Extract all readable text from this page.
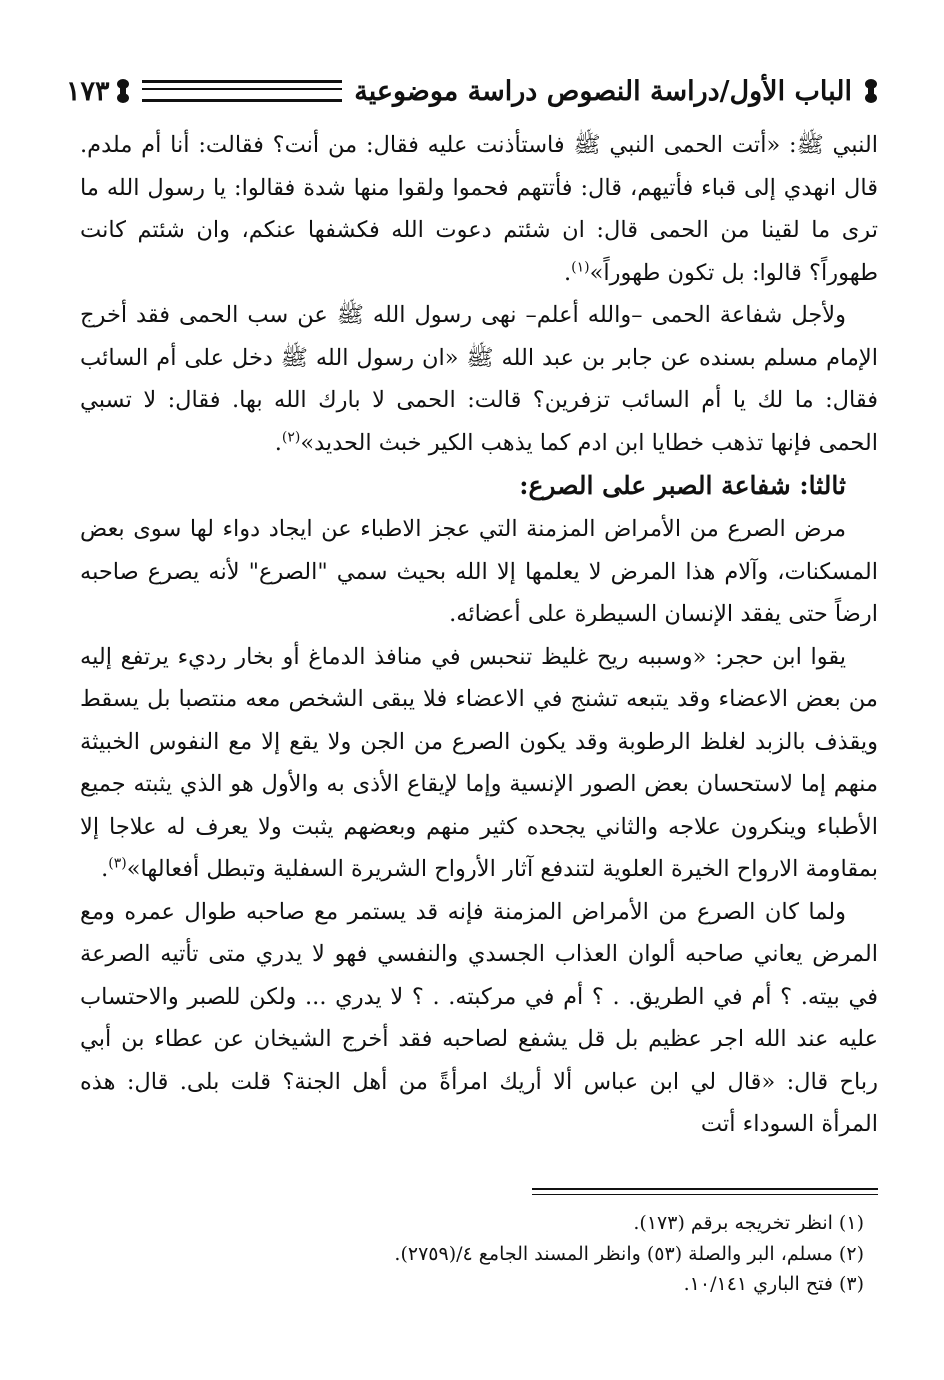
الباب الأول/دراسة النصوص دراسة موضوعية
١٧٣

النبي ﷺ: «أتت الحمى النبي ﷺ فاستأذنت عليه فقال: من أنت؟ فقالت: أنا أم ملدم. قال انهدي إلى قباء فأتيهم، قال: فأتتهم فحموا ولقوا منها شدة فقالوا: يا رسول الله ما ترى ما لقينا من الحمى قال: ان شئتم دعوت الله فكشفها عنكم، وان شئتم كانت طهوراً؟ قالوا: بل تكون طهوراً»$^{(١)}$.

ولأجل شفاعة الحمى –والله أعلم– نهى رسول الله ﷺ عن سب الحمى فقد أخرج الإمام مسلم بسنده عن جابر بن عبد الله ﷺ «ان رسول الله ﷺ دخل على أم السائب فقال: ما لك يا أم السائب تزفرين؟ قالت: الحمى لا بارك الله بها. فقال: لا تسبي الحمى فإنها تذهب خطايا ابن ادم كما يذهب الكير خبث الحديد»$^{(٢)}$.

ثالثا: شفاعة الصبر على الصرع:

مرض الصرع من الأمراض المزمنة التي عجز الاطباء عن ايجاد دواء لها سوى بعض المسكنات، وآلام هذا المرض لا يعلمها إلا الله بحيث سمي "الصرع" لأنه يصرع صاحبه ارضاً حتى يفقد الإنسان السيطرة على أعضائه.

يقوا ابن حجر: «وسببه ريح غليظ تنحبس في منافذ الدماغ أو بخار رديء يرتفع إليه من بعض الاعضاء وقد يتبعه تشنج في الاعضاء فلا يبقى الشخص معه منتصبا بل يسقط ويقذف بالزبد لغلظ الرطوبة وقد يكون الصرع من الجن ولا يقع إلا مع النفوس الخبيثة منهم إما لاستحسان بعض الصور الإنسية وإما لإيقاع الأذى به والأول هو الذي يثبته جميع الأطباء وينكرون علاجه والثاني يجحده كثير منهم وبعضهم يثبت ولا يعرف له علاجا إلا بمقاومة الارواح الخيرة العلوية لتندفع آثار الأرواح الشريرة السفلية وتبطل أفعالها»$^{(٣)}$.

ولما كان الصرع من الأمراض المزمنة فإنه قد يستمر مع صاحبه طوال عمره ومع المرض يعاني صاحبه ألوان العذاب الجسدي والنفسي فهو لا يدري متى تأتيه الصرعة في بيته. ؟ أم في الطريق. . ؟ أم في مركبته. . ؟ لا يدري ... ولكن للصبر والاحتساب عليه عند الله اجر عظيم بل قل يشفع لصاحبه فقد أخرج الشيخان عن عطاء بن أبي رباح قال: «قال لي ابن عباس ألا أريك امرأةً من أهل الجنة؟ قلت بلى. قال: هذه المرأة السوداء أتت

(١) انظر تخريجه برقم (١٧٣).
(٢) مسلم، البر والصلة (٥٣) وانظر المسند الجامع ٤/(٢٧٥٩).
(٣) فتح الباري ١٠/١٤١.
